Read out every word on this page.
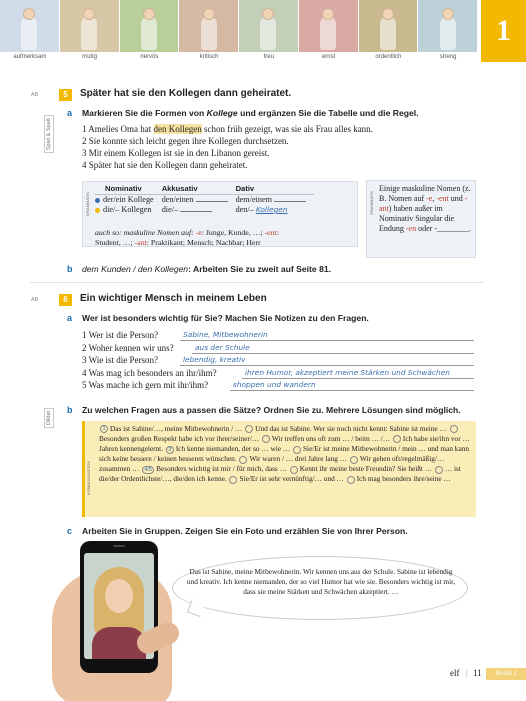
aufmerksam	mutig	nervös	kritisch	treu	ernst	ordentlich	streng
1
AB	5	Später hat sie den Kollegen dann geheiratet.
a Markieren Sie die Formen von Kollege und ergänzen Sie die Tabelle und die Regel.
Spiel & Spaß	1 Amelies Oma hat den Kollegen schon früh gezeigt, was sie als Frau alles kann.
2 Sie konnte sich leicht gegen ihre Kollegen durchsetzen.
3 Mit einem Kollegen ist sie in den Libanon gereist.
4 Später hat sie den Kollegen dann geheiratet.
GRAMMATIK
Nominativ	Akkusativ	Dativ
der/ein Kollege	den/einen	dem/einem
die/– Kollegen	die/–	den/– Kollegen
auch so: maskuline Nomen auf: -e: Junge, Kunde, …; -ent:
Student, …; -ant: Praktikant; Mensch; Nachbar; Herr
GRAMMATIK
Einige maskuline Nomen (z. B. Nomen auf -e, -ent und -ant) haben außer im Nominativ Singular die Endung -en oder -________.
b dem Kunden / den Kollegen: Arbeiten Sie zu zweit auf Seite 81.
AB	6	Ein wichtiger Mensch in meinem Leben
a Wer ist besonders wichtig für Sie? Machen Sie Notizen zu den Fragen.
1 Wer ist die Person?	Sabine, Mitbewohnerin
2 Woher kennen wir uns?	aus der Schule
3 Wie ist die Person?	lebendig, kreativ
4 Was mag ich besonders an ihr/ihm?	ihren Humor, akzeptiert meine Stärken und Schwächen
5 Was mache ich gern mit ihr/ihm?	shoppen und wandern
b Zu welchen Fragen aus a passen die Sätze? Ordnen Sie zu. Mehrere Lösungen sind möglich.
Diktat
KOMMUNIKATION
1 Das ist Sabine/…, meine Mitbewohnerin / … Und das ist Sabine. Wer sie noch nicht kennt: Sabine ist meine … Besonders großen Respekt habe ich vor ihrer/seiner/… Wir treffen uns oft zum … / beim … /… Ich habe sie/ihn vor … Jahren kennengelernt. 3 Ich kenne niemanden, der so … wie … Sie/Er ist meine Mitbewohnerin / mein … und man kann sich keine bessere / keinen besseren wünschen. Wir waren / … drei Jahre lang … Wir gehen oft/regelmäßig/… zusammen … 4/5 Besonders wichtig ist mir / für mich, dass … Kennt ihr meine beste Freundin? Sie heißt … … ist die/der Ordentlichste/…, die/den ich kenne. Sie/Er ist sehr vernünftig/… und … Ich mag besonders ihre/seine …
c Arbeiten Sie in Gruppen. Zeigen Sie ein Foto und erzählen Sie von Ihrer Person.
Das ist Sabine, meine Mitbewohnerin. Wir kennen uns aus der Schule. Sabine ist lebendig und kreativ. Ich kenne niemanden, der so viel Humor hat wie sie. Besonders wichtig ist mir, dass sie meine Stärken und Schwächen akzeptiert. …
elf | 11	Modul 1
